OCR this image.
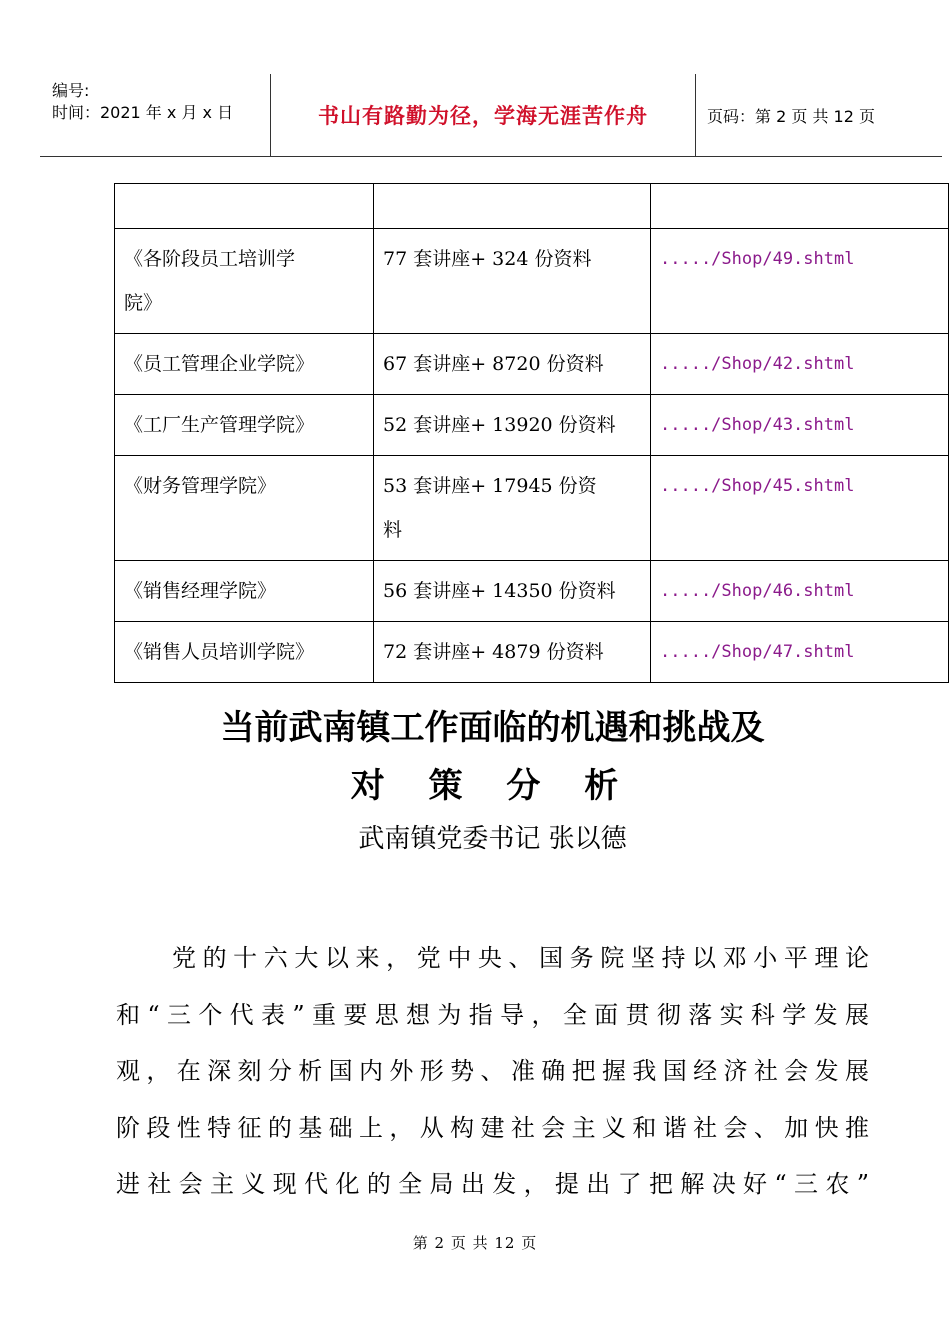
编号:
时间：2021 年 x 月 x 日	书山有路勤为径，学海无涯苦作舟	页码：第 2 页 共 12 页

《各阶段员工培训学
院》	77 套讲座+ 324 份资料	...../Shop/49.shtml

《员工管理企业学院》	67 套讲座+ 8720 份资料	...../Shop/42.shtml

《工厂生产管理学院》	52 套讲座+ 13920 份资料	...../Shop/43.shtml

《财务管理学院》	53 套讲座+ 17945 份资
料	...../Shop/45.shtml

《销售经理学院》	56 套讲座+ 14350 份资料	...../Shop/46.shtml

《销售人员培训学院》	72 套讲座+ 4879 份资料	...../Shop/47.shtml
当前武南镇工作面临的机遇和挑战及
对 策 分 析
武南镇党委书记 张以德
党的十六大以来，党中央、国务院坚持以邓小平理论
和“三个代表”重要思想为指导，全面贯彻落实科学发展
观，在深刻分析国内外形势、准确把握我国经济社会发展
阶段性特征的基础上，从构建社会主义和谐社会、加快推
进社会主义现代化的全局出发，提出了把解决好“三农”
第 2 页 共 12 页
